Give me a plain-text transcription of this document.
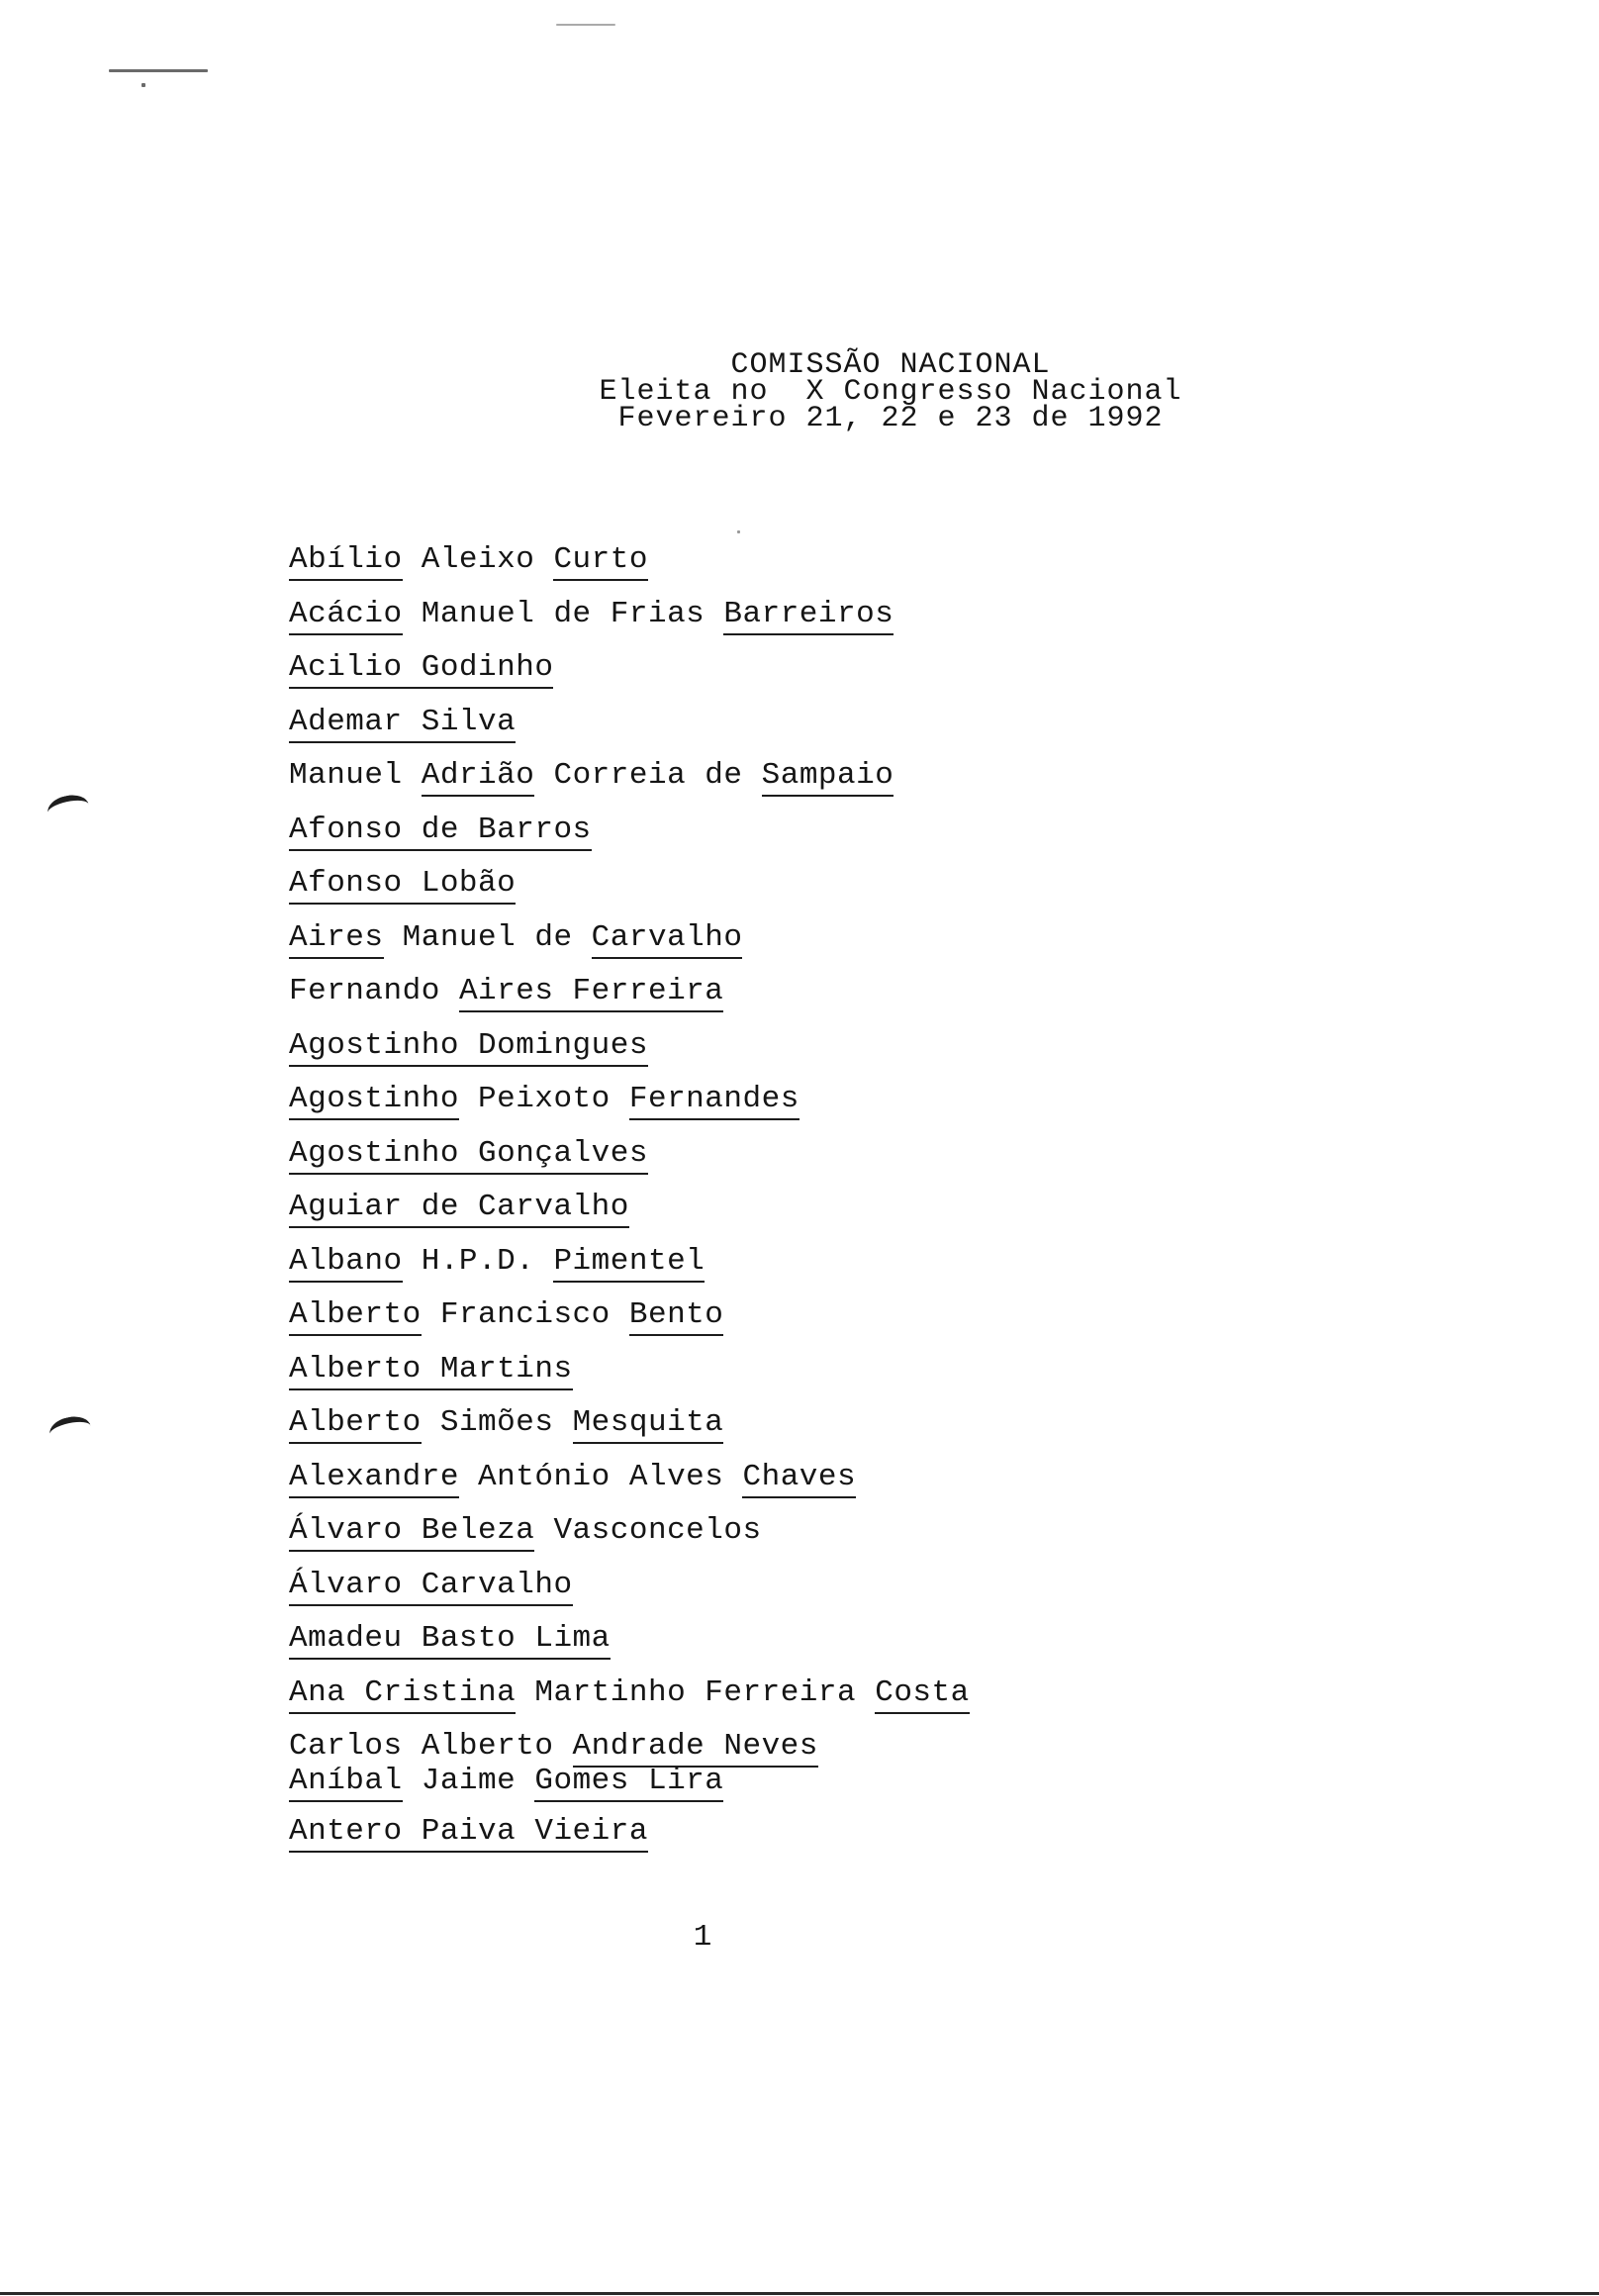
COMISSÃO NACIONAL
Eleita no  X Congresso Nacional
Fevereiro 21, 22 e 23 de 1992
Abílio Aleixo Curto
Acácio Manuel de Frias Barreiros
Acilio Godinho
Ademar Silva
Manuel Adrião Correia de Sampaio
Afonso de Barros
Afonso Lobão
Aires Manuel de Carvalho
Fernando Aires Ferreira
Agostinho Domingues
Agostinho Peixoto Fernandes
Agostinho Gonçalves
Aguiar de Carvalho
Albano H.P.D. Pimentel
Alberto Francisco Bento
Alberto Martins
Alberto Simões Mesquita
Alexandre António Alves Chaves
Álvaro Beleza Vasconcelos
Álvaro Carvalho
Amadeu Basto Lima
Ana Cristina Martinho Ferreira Costa
Carlos Alberto Andrade Neves
Aníbal Jaime Gomes Lira
Antero Paiva Vieira
1
